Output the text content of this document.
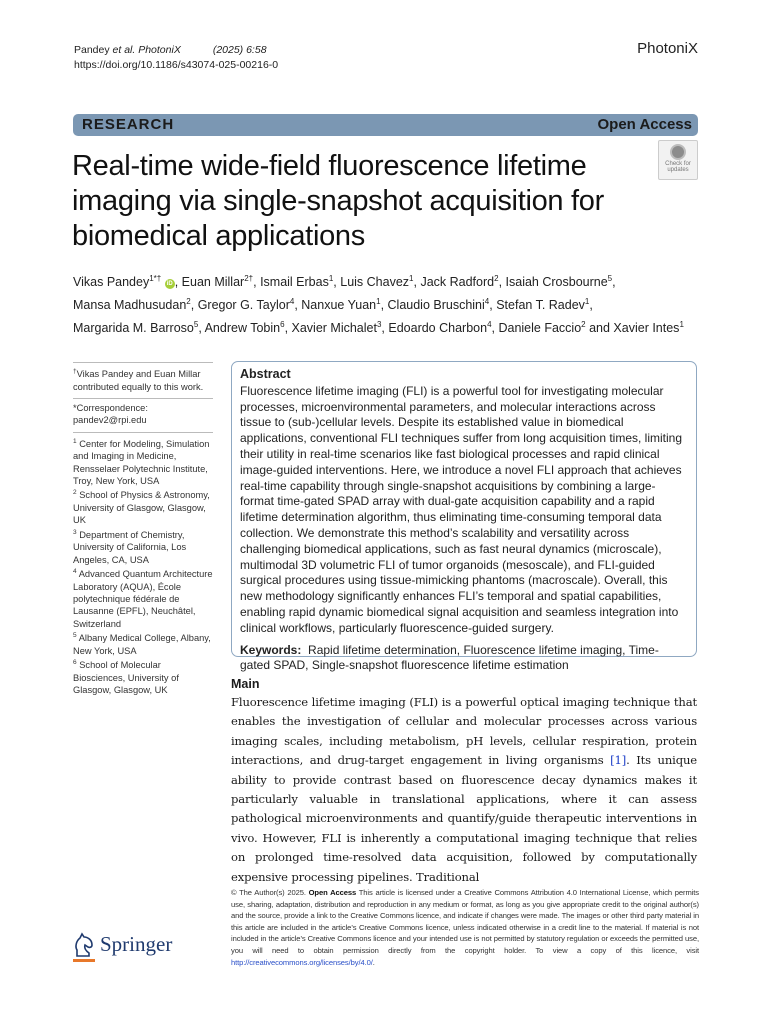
Pandey et al. PhotoniX	(2025) 6:58
https://doi.org/10.1186/s43074-025-00216-0
PhotoniX
RESEARCH	Open Access
Real-time wide-field fluorescence lifetime imaging via single-snapshot acquisition for biomedical applications
Check for
updates
Vikas Pandey$^{1*\dagger}$ iD , Euan Millar$^{2\dagger}$, Ismail Erbas$^1$, Luis Chavez$^1$, Jack Radford$^2$, Isaiah Crosbourne$^5$,
Mansa Madhusudan$^2$, Gregor G. Taylor$^4$, Nanxue Yuan$^1$, Claudio Bruschini$^4$, Stefan T. Radev$^1$,
Margarida M. Barroso$^5$, Andrew Tobin$^6$, Xavier Michalet$^3$, Edoardo Charbon$^4$, Daniele Faccio$^2$ and Xavier Intes$^1$
†Vikas Pandey and Euan Millar contributed equally to this work.
*Correspondence:
pandev2@rpi.edu
$^1$ Center for Modeling, Simulation and Imaging in Medicine, Rensselaer Polytechnic Institute, Troy, New York, USA
$^2$ School of Physics & Astronomy, University of Glasgow, Glasgow, UK
$^3$ Department of Chemistry, University of California, Los Angeles, CA, USA
$^4$ Advanced Quantum Architecture Laboratory (AQUA), École polytechnique fédérale de Lausanne (EPFL), Neuchâtel, Switzerland
$^5$ Albany Medical College, Albany, New York, USA
$^6$ School of Molecular Biosciences, University of Glasgow, Glasgow, UK
Abstract
Fluorescence lifetime imaging (FLI) is a powerful tool for investigating molecular processes, microenvironmental parameters, and molecular interactions across tissue to (sub-)cellular levels. Despite its established value in biomedical applications, conventional FLI techniques suffer from long acquisition times, limiting their utility in real-time scenarios like fast biological processes and rapid clinical image-guided interventions. Here, we introduce a novel FLI approach that achieves real-time capability through single-snapshot acquisitions by combining a large-format time-gated SPAD array with dual-gate acquisition capability and a rapid lifetime determination algorithm, thus eliminating time-consuming temporal data collection. We demonstrate this method’s scalability and versatility across challenging biomedical applications, such as fast neural dynamics (microscale), multimodal 3D volumetric FLI of tumor organoids (mesoscale), and FLI-guided surgical procedures using tissue-mimicking phantoms (macroscale). Overall, this new methodology significantly enhances FLI’s temporal and spatial capabilities, enabling rapid dynamic biomedical signal acquisition and seamless integration into clinical workflows, particularly fluorescence-guided surgery.
Keywords: Rapid lifetime determination, Fluorescence lifetime imaging, Time-gated SPAD, Single-snapshot fluorescence lifetime estimation
Main
Fluorescence lifetime imaging (FLI) is a powerful optical imaging technique that enables the investigation of cellular and molecular processes across various imaging scales, including metabolism, pH levels, cellular respiration, protein interactions, and drug-target engagement in living organisms [1]. Its unique ability to provide contrast based on fluorescence decay dynamics makes it particularly valuable in translational applications, where it can assess pathological microenvironments and quantify/guide therapeutic interventions in vivo. However, FLI is inherently a computational imaging technique that relies on prolonged time-resolved data acquisition, followed by computationally expensive processing pipelines. Traditional
© The Author(s) 2025. Open Access This article is licensed under a Creative Commons Attribution 4.0 International License, which permits use, sharing, adaptation, distribution and reproduction in any medium or format, as long as you give appropriate credit to the original author(s) and the source, provide a link to the Creative Commons licence, and indicate if changes were made. The images or other third party material in this article are included in the article’s Creative Commons licence, unless indicated otherwise in a credit line to the material. If material is not included in the article’s Creative Commons licence and your intended use is not permitted by statutory regulation or exceeds the permitted use, you will need to obtain permission directly from the copyright holder. To view a copy of this licence, visit http://creativecommons.org/licenses/by/4.0/.
Springer
